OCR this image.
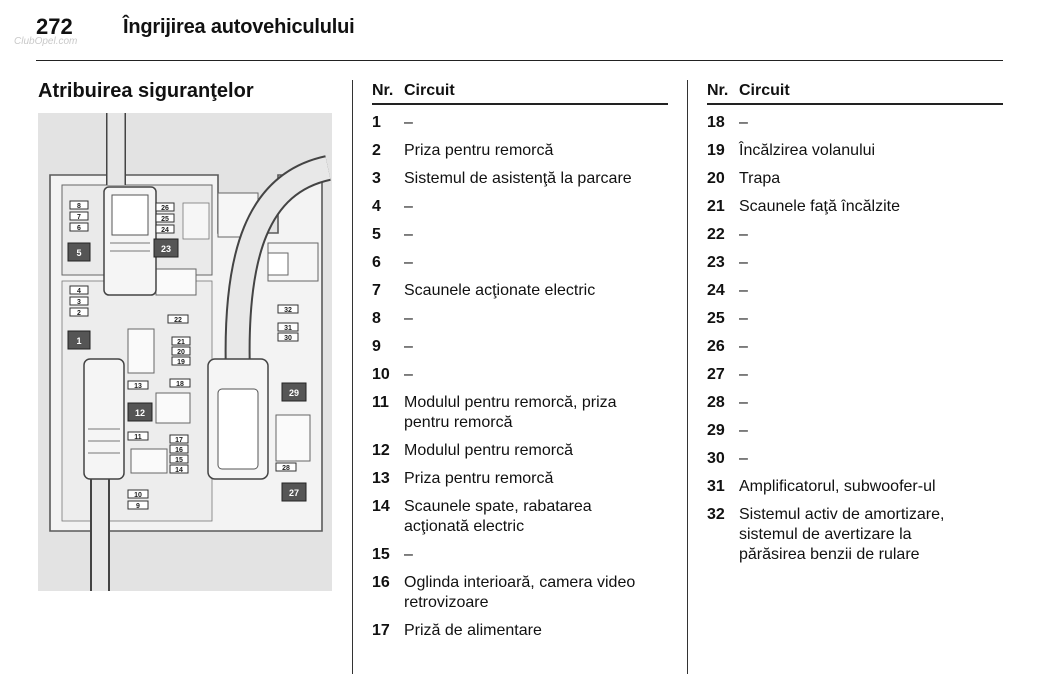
272	Îngrijirea autovehiculului
ClubOpel.com
Atribuirea siguranţelor
8
7
6
4
3
2
26
25
24
22
21
20
19
13	18
11	17
16
15
14
10
9
32
31
30
28
5
1
23
12
29
27
Nr. Circuit
1	–
2	Priza pentru remorcă
3	Sistemul de asistenţă la parcare
4	–
5	–
6	–
7	Scaunele acţionate electric
8	–
9	–
10 –
11 Modulul pentru remorcă, priza
pentru remorcă
12 Modulul pentru remorcă
13 Priza pentru remorcă
14 Scaunele spate, rabatarea
acţionată electric
15 –
16 Oglinda interioară, camera video
retrovizoare
17 Priză de alimentare
Nr. Circuit
18 –
19 Încălzirea volanului
20 Trapa
21 Scaunele faţă încălzite
22 –
23 –
24 –
25 –
26 –
27 –
28 –
29 –
30 –
31 Amplificatorul, subwoofer-ul
32 Sistemul activ de amortizare,
sistemul de avertizare la
părăsirea benzii de rulare
